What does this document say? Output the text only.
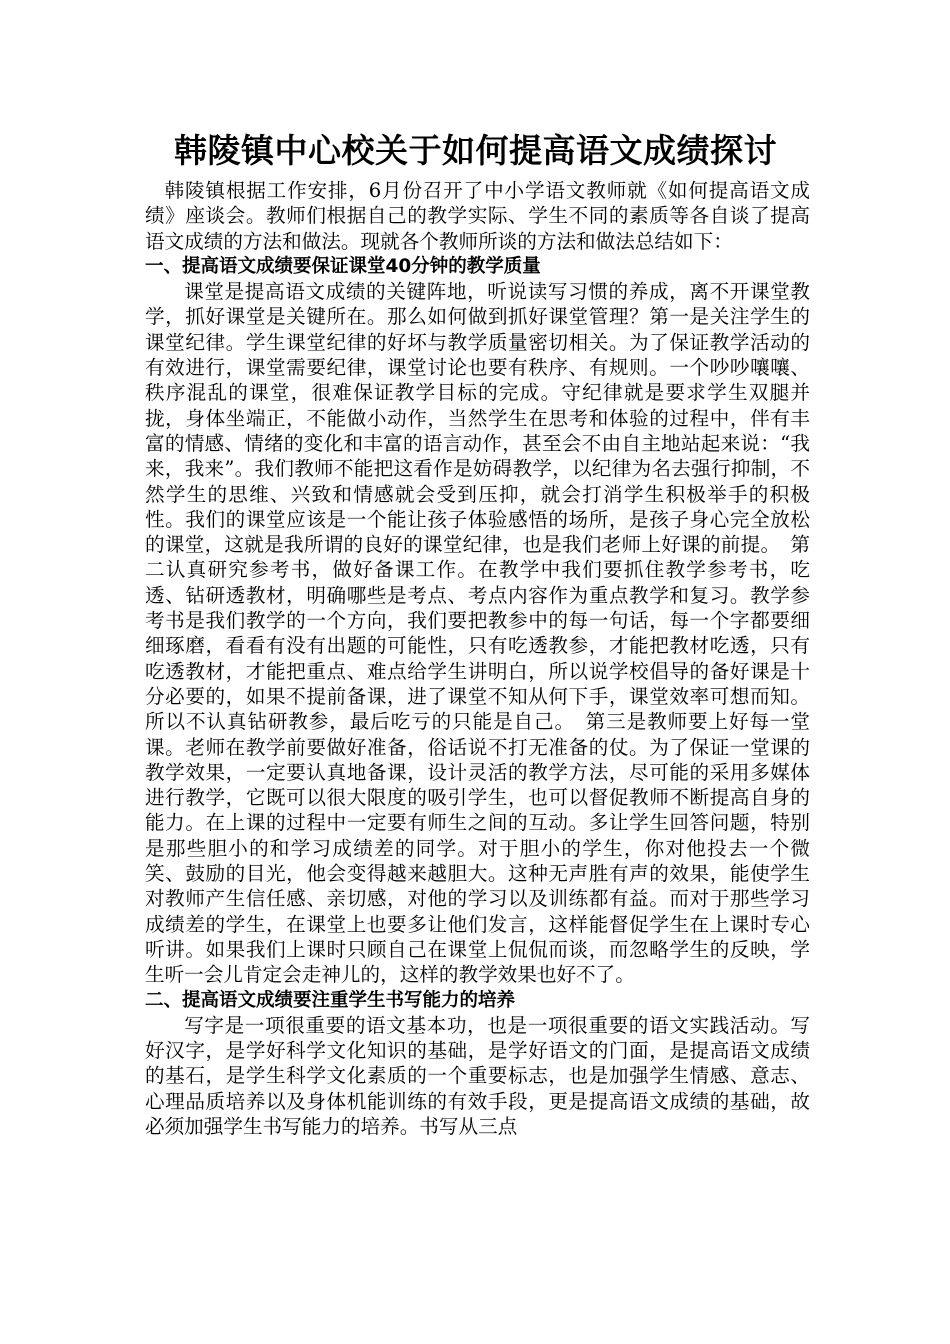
韩陵镇中心校关于如何提高语文成绩探讨

韩陵镇根据工作安排，6月份召开了中小学语文教师就《如何提高语文成绩》座谈会。教师们根据自己的教学实际、学生不同的素质等各自谈了提高语文成绩的方法和做法。现就各个教师所谈的方法和做法总结如下：

一、提高语文成绩要保证课堂40分钟的教学质量

课堂是提高语文成绩的关键阵地，听说读写习惯的养成，离不开课堂教学，抓好课堂是关键所在。那么如何做到抓好课堂管理？第一是关注学生的课堂纪律。学生课堂纪律的好坏与教学质量密切相关。为了保证教学活动的有效进行，课堂需要纪律，课堂讨论也要有秩序、有规则。一个吵吵嚷嚷、秩序混乱的课堂，很难保证教学目标的完成。守纪律就是要求学生双腿并拢，身体坐端正，不能做小动作，当然学生在思考和体验的过程中，伴有丰富的情感、情绪的变化和丰富的语言动作，甚至会不由自主地站起来说：“我来，我来”。我们教师不能把这看作是妨碍教学，以纪律为名去强行抑制，不然学生的思维、兴致和情感就会受到压抑，就会打消学生积极举手的积极性。我们的课堂应该是一个能让孩子体验感悟的场所，是孩子身心完全放松的课堂，这就是我所谓的良好的课堂纪律，也是我们老师上好课的前提。　第二认真研究参考书，做好备课工作。在教学中我们要抓住教学参考书，吃透、钻研透教材，明确哪些是考点、考点内容作为重点教学和复习。教学参考书是我们教学的一个方向，我们要把教参中的每一句话，每一个字都要细细琢磨，看看有没有出题的可能性，只有吃透教参，才能把教材吃透，只有吃透教材，才能把重点、难点给学生讲明白，所以说学校倡导的备好课是十分必要的，如果不提前备课，进了课堂不知从何下手，课堂效率可想而知。所以不认真钻研教参，最后吃亏的只能是自己。　第三是教师要上好每一堂课。老师在教学前要做好准备，俗话说不打无准备的仗。为了保证一堂课的教学效果，一定要认真地备课，设计灵活的教学方法，尽可能的采用多媒体进行教学，它既可以很大限度的吸引学生，也可以督促教师不断提高自身的能力。在上课的过程中一定要有师生之间的互动。多让学生回答问题，特别是那些胆小的和学习成绩差的同学。对于胆小的学生，你对他投去一个微笑、鼓励的目光，他会变得越来越胆大。这种无声胜有声的效果，能使学生对教师产生信任感、亲切感，对他的学习以及训练都有益。而对于那些学习成绩差的学生，在课堂上也要多让他们发言，这样能督促学生在上课时专心听讲。如果我们上课时只顾自己在课堂上侃侃而谈，而忽略学生的反映，学生听一会儿肯定会走神儿的，这样的教学效果也好不了。

二、提高语文成绩要注重学生书写能力的培养

写字是一项很重要的语文基本功，也是一项很重要的语文实践活动。写好汉字，是学好科学文化知识的基础，是学好语文的门面，是提高语文成绩的基石，是学生科学文化素质的一个重要标志，也是加强学生情感、意志、心理品质培养以及身体机能训练的有效手段，更是提高语文成绩的基础，故必须加强学生书写能力的培养。书写从三点
